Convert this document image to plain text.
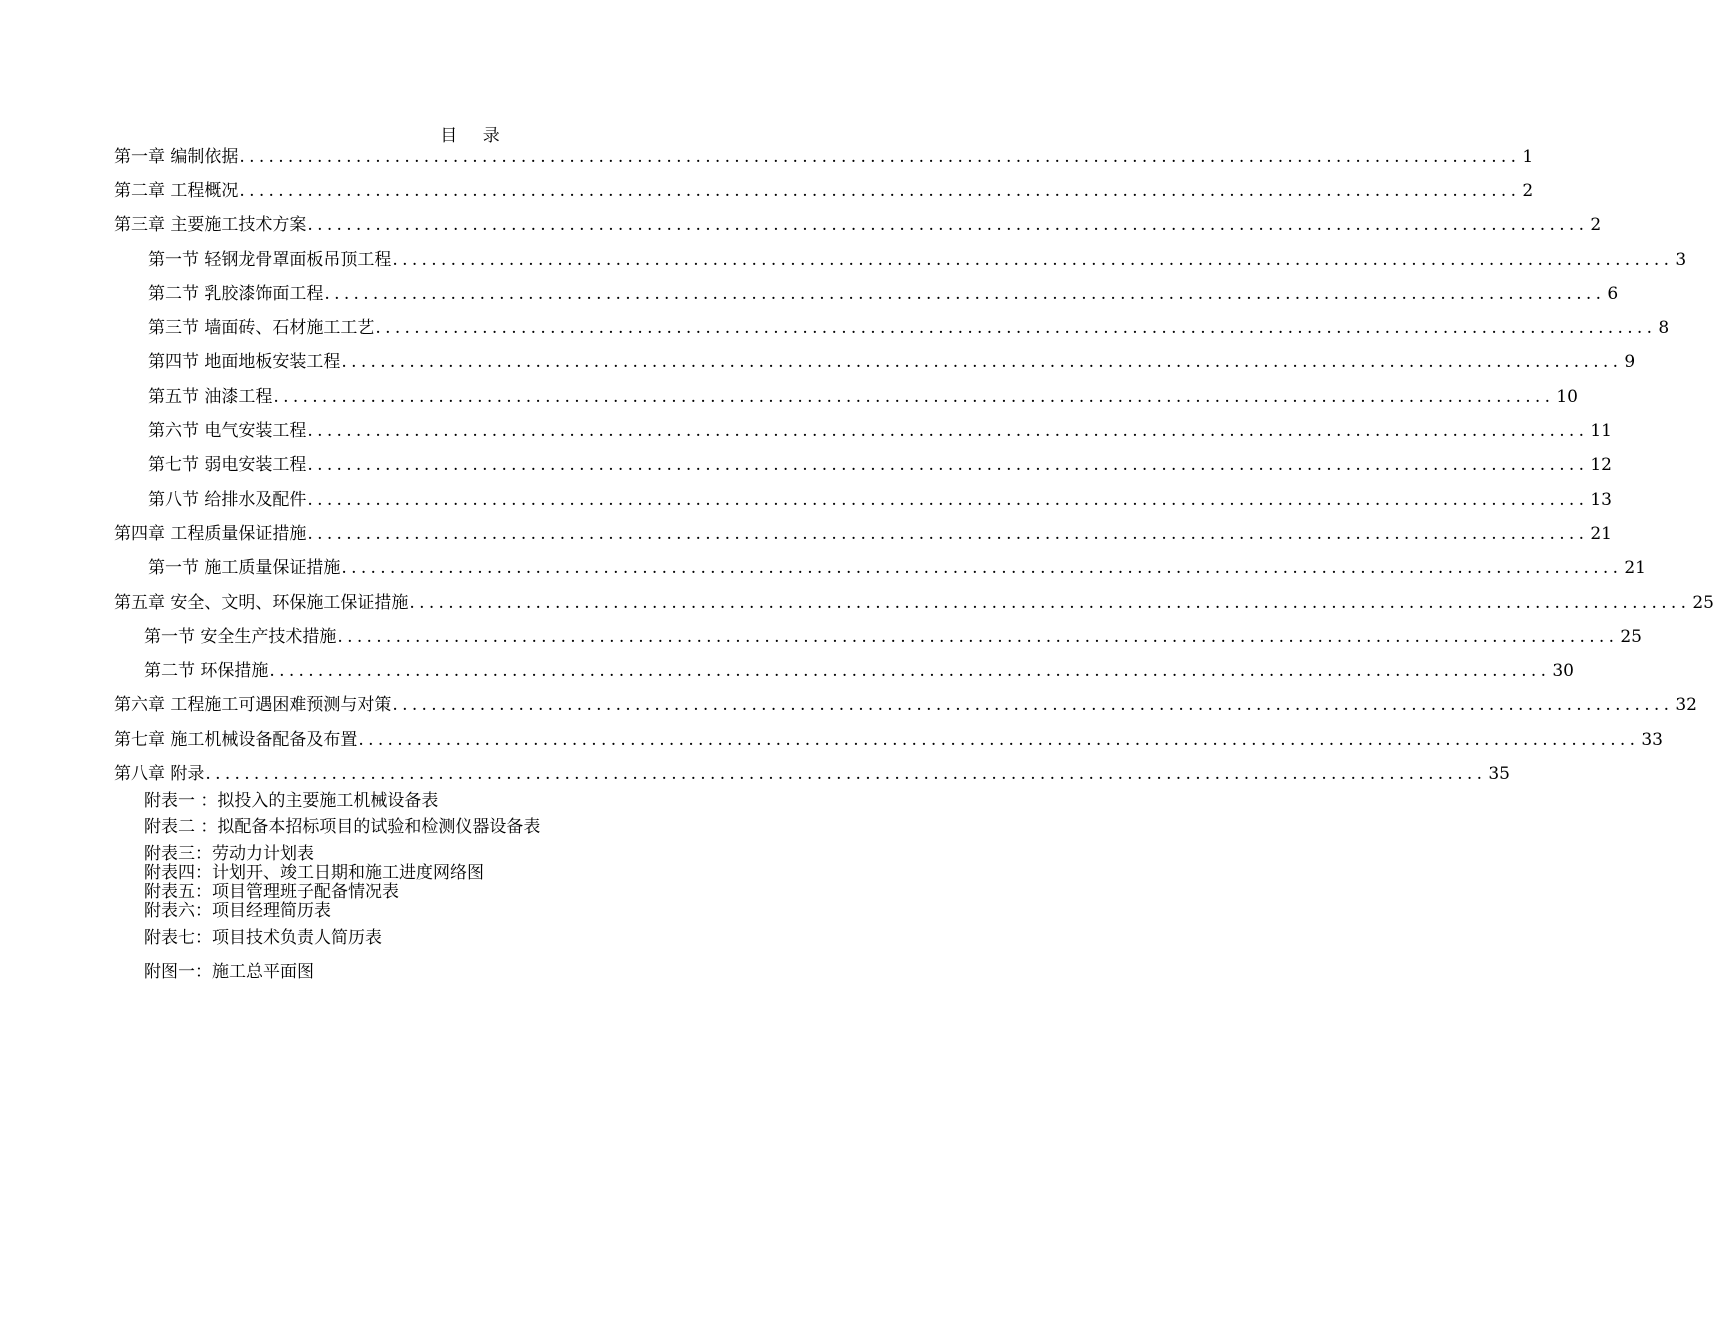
目 录
第一章 编制依据 .................................................................................................................................... 1
第二章 工程概况 .................................................................................................................................... 2
第三章 主要施工技术方案 .................................................................................................................................... 2
第一节 轻钢龙骨罩面板吊顶工程 .................................................................................................................................... 3
第二节 乳胶漆饰面工程 .................................................................................................................................... 6
第三节 墙面砖、石材施工工艺 .................................................................................................................................... 8
第四节 地面地板安装工程 .................................................................................................................................... 9
第五节 油漆工程 .................................................................................................................................... 10
第六节 电气安装工程 .................................................................................................................................... 11
第七节 弱电安装工程 .................................................................................................................................... 12
第八节 给排水及配件 .................................................................................................................................... 13
第四章 工程质量保证措施 .................................................................................................................................... 21
第一节 施工质量保证措施 .................................................................................................................................... 21
第五章 安全、文明、环保施工保证措施 .................................................................................................................................... 25
第一节 安全生产技术措施 .................................................................................................................................... 25
第二节 环保措施 .................................................................................................................................... 30
第六章 工程施工可遇困难预测与对策 .................................................................................................................................... 32
第七章 施工机械设备配备及布置 .................................................................................................................................... 33
第八章 附录 .................................................................................................................................... 35
附表一 ：拟投入的主要施工机械设备表
附表二 ：拟配备本招标项目的试验和检测仪器设备表
附表三：劳动力计划表
附表四：计划开、竣工日期和施工进度网络图
附表五：项目管理班子配备情况表
附表六：项目经理简历表
附表七：项目技术负责人简历表
附图一：施工总平面图
